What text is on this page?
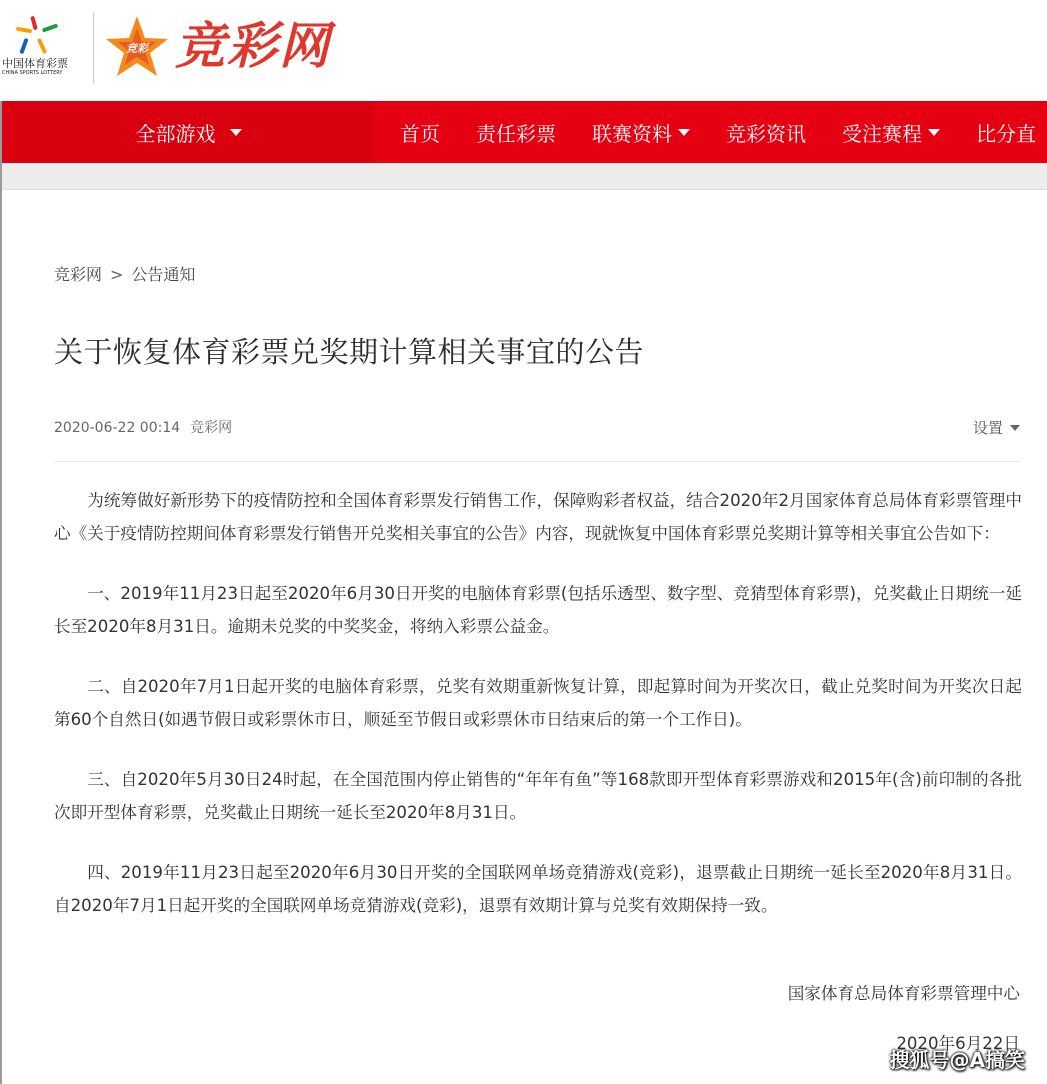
中国体育彩票
CHINA SPORTS LOTTERY
竞彩 竞彩网
全部游戏	首页 责任彩票 联赛资料	竞彩资讯 受注赛程	比分直
竞彩网 > 公告通知
关于恢复体育彩票兑奖期计算相关事宜的公告
2020-06-22 00:14 竞彩网	设置

为统筹做好新形势下的疫情防控和全国体育彩票发行销售工作，保障购彩者权益，结合2020年2月国家体育总局体育彩票管理中心《关于疫情防控期间体育彩票发行销售开兑奖相关事宜的公告》内容，现就恢复中国体育彩票兑奖期计算等相关事宜公告如下：

一、2019年11月23日起至2020年6月30日开奖的电脑体育彩票(包括乐透型、数字型、竞猜型体育彩票)，兑奖截止日期统一延长至2020年8月31日。逾期未兑奖的中奖奖金，将纳入彩票公益金。

二、自2020年7月1日起开奖的电脑体育彩票，兑奖有效期重新恢复计算，即起算时间为开奖次日，截止兑奖时间为开奖次日起第60个自然日(如遇节假日或彩票休市日，顺延至节假日或彩票休市日结束后的第一个工作日)。

三、自2020年5月30日24时起，在全国范围内停止销售的“年年有鱼”等168款即开型体育彩票游戏和2015年(含)前印制的各批次即开型体育彩票，兑奖截止日期统一延长至2020年8月31日。

四、2019年11月23日起至2020年6月30日开奖的全国联网单场竞猜游戏(竞彩)，退票截止日期统一延长至2020年8月31日。自2020年7月1日起开奖的全国联网单场竞猜游戏(竞彩)，退票有效期计算与兑奖有效期保持一致。

国家体育总局体育彩票管理中心
2020年6月22日
搜狐号@A搞笑
